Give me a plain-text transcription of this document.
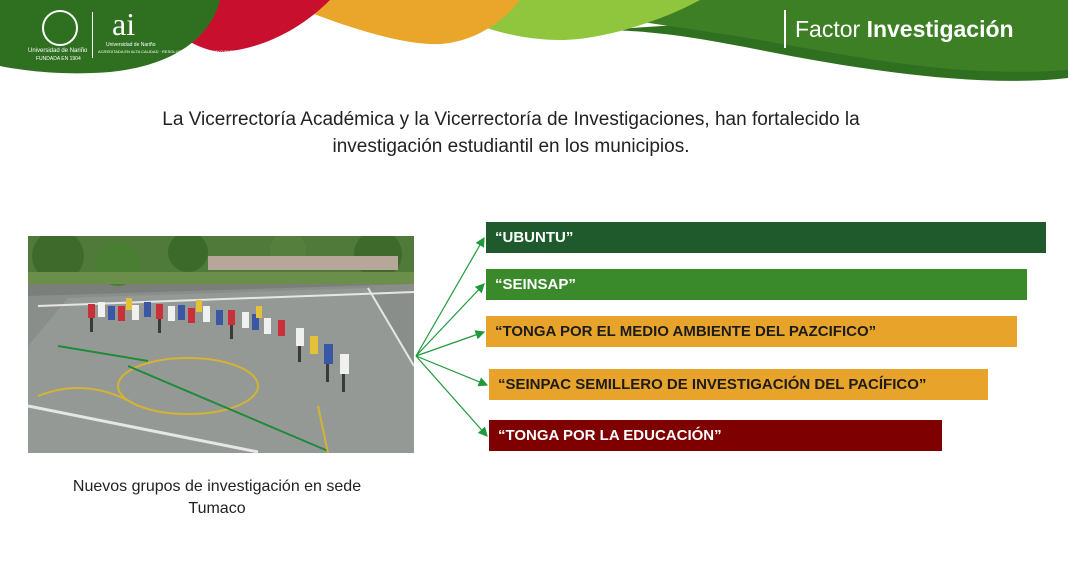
Universidad de Nariño
FUNDADA EN 1904
ai
Universidad de Nariño
ACREDITADA EN ALTA CALIDAD · RESOLUCIÓN No. 10567 · MAYO 23 DE 2017
Factor Investigación
La Vicerrectoría Académica y la Vicerrectoría de Investigaciones, han fortalecido la
investigación estudiantil en los municipios.
Nuevos grupos de investigación en sede
Tumaco
“UBUNTU”
“SEINSAP”
“TONGA POR EL MEDIO AMBIENTE DEL PAZCIFICO”
“SEINPAC SEMILLERO DE INVESTIGACIÓN DEL PACÍFICO”
“TONGA POR LA EDUCACIÓN”
